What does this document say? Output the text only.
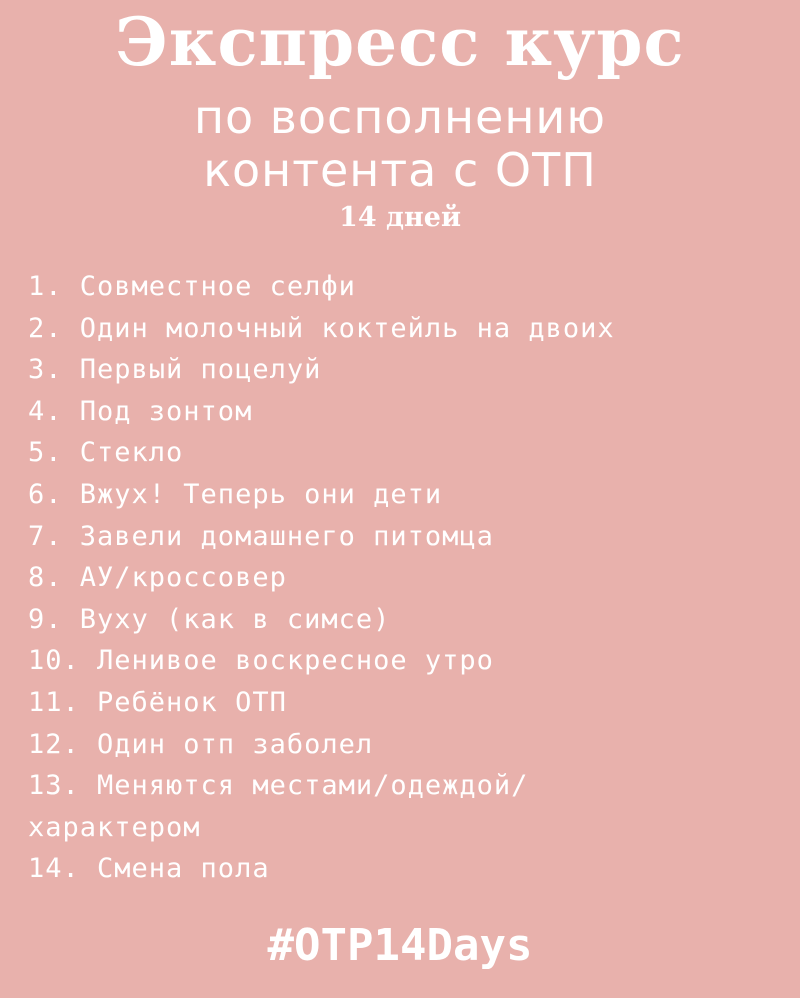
Экспресс курс
по восполнению
контента с ОТП
14 дней
1. Совместное селфи
2. Один молочный коктейль на двоих
3. Первый поцелуй
4. Под зонтом
5. Стекло
6. Вжух! Теперь они дети
7. Завели домашнего питомца
8. АУ/кроссовер
9. Вуху (как в симсе)
10. Ленивое воскресное утро
11. Ребёнок ОТП
12. Один отп заболел
13. Меняются местами/одеждой/
характером
14. Смена пола
#OTP14Days
